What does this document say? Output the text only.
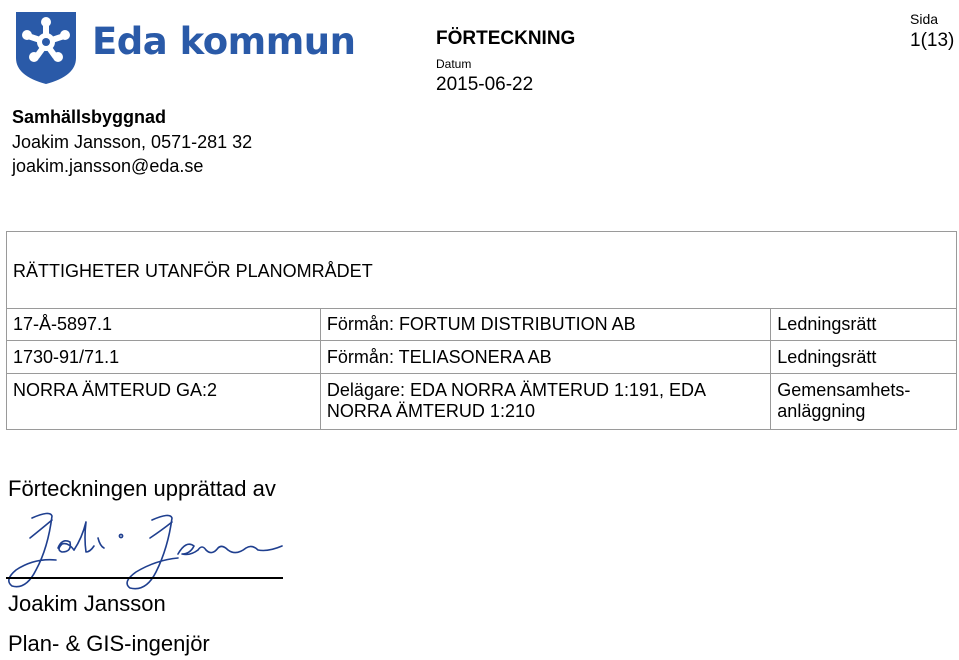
Eda kommun	FÖRTECKNING
Datum
2015-06-22
Sida
1(13)
Samhällsbyggnad
Joakim Jansson, 0571-281 32
joakim.jansson@eda.se
RÄTTIGHETER UTANFÖR PLANOMRÅDET		
17-Å-5897.1	Förmån: FORTUM DISTRIBUTION AB	Ledningsrätt
1730-91/71.1	Förmån: TELIASONERA AB	Ledningsrätt
NORRA ÄMTERUD GA:2	Delägare: EDA NORRA ÄMTERUD 1:191, EDA NORRA ÄMTERUD 1:210	Gemensamhets-anläggning
Förteckningen upprättad av
Joakim Jansson
Plan- & GIS-ingenjör
